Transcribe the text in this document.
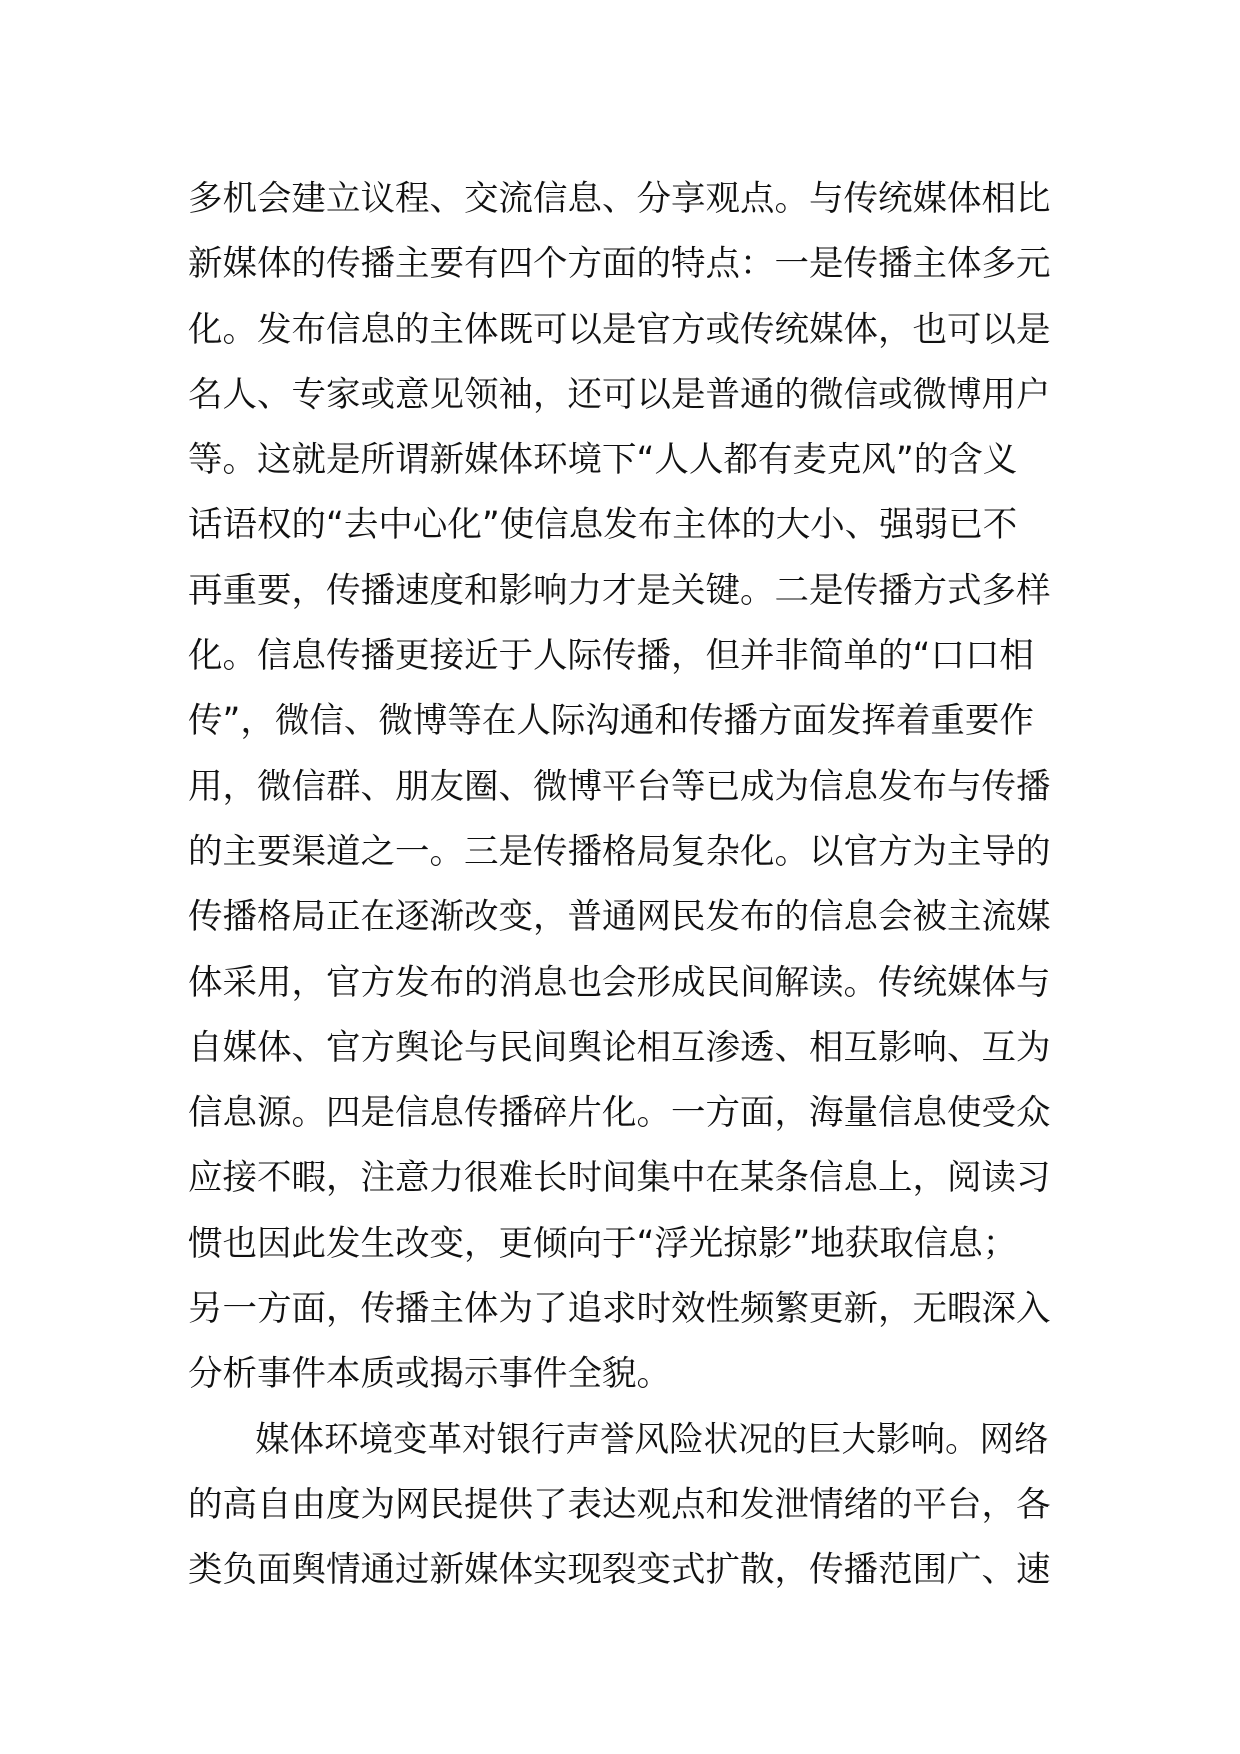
多机会建立议程、交流信息、分享观点。与传统媒体相比
新媒体的传播主要有四个方面的特点：一是传播主体多元
化。发布信息的主体既可以是官方或传统媒体，也可以是
名人、专家或意见领袖，还可以是普通的微信或微博用户
等。这就是所谓新媒体环境下“人人都有麦克风”的含义
话语权的“去中心化”使信息发布主体的大小、强弱已不
再重要，传播速度和影响力才是关键。二是传播方式多样
化。信息传播更接近于人际传播，但并非简单的“口口相
传”，微信、微博等在人际沟通和传播方面发挥着重要作
用，微信群、朋友圈、微博平台等已成为信息发布与传播
的主要渠道之一。三是传播格局复杂化。以官方为主导的
传播格局正在逐渐改变，普通网民发布的信息会被主流媒
体采用，官方发布的消息也会形成民间解读。传统媒体与
自媒体、官方舆论与民间舆论相互渗透、相互影响、互为
信息源。四是信息传播碎片化。一方面，海量信息使受众
应接不暇，注意力很难长时间集中在某条信息上，阅读习
惯也因此发生改变，更倾向于“浮光掠影”地获取信息；
另一方面，传播主体为了追求时效性频繁更新，无暇深入
分析事件本质或揭示事件全貌。
媒体环境变革对银行声誉风险状况的巨大影响。网络
的高自由度为网民提供了表达观点和发泄情绪的平台，各
类负面舆情通过新媒体实现裂变式扩散，传播范围广、速
